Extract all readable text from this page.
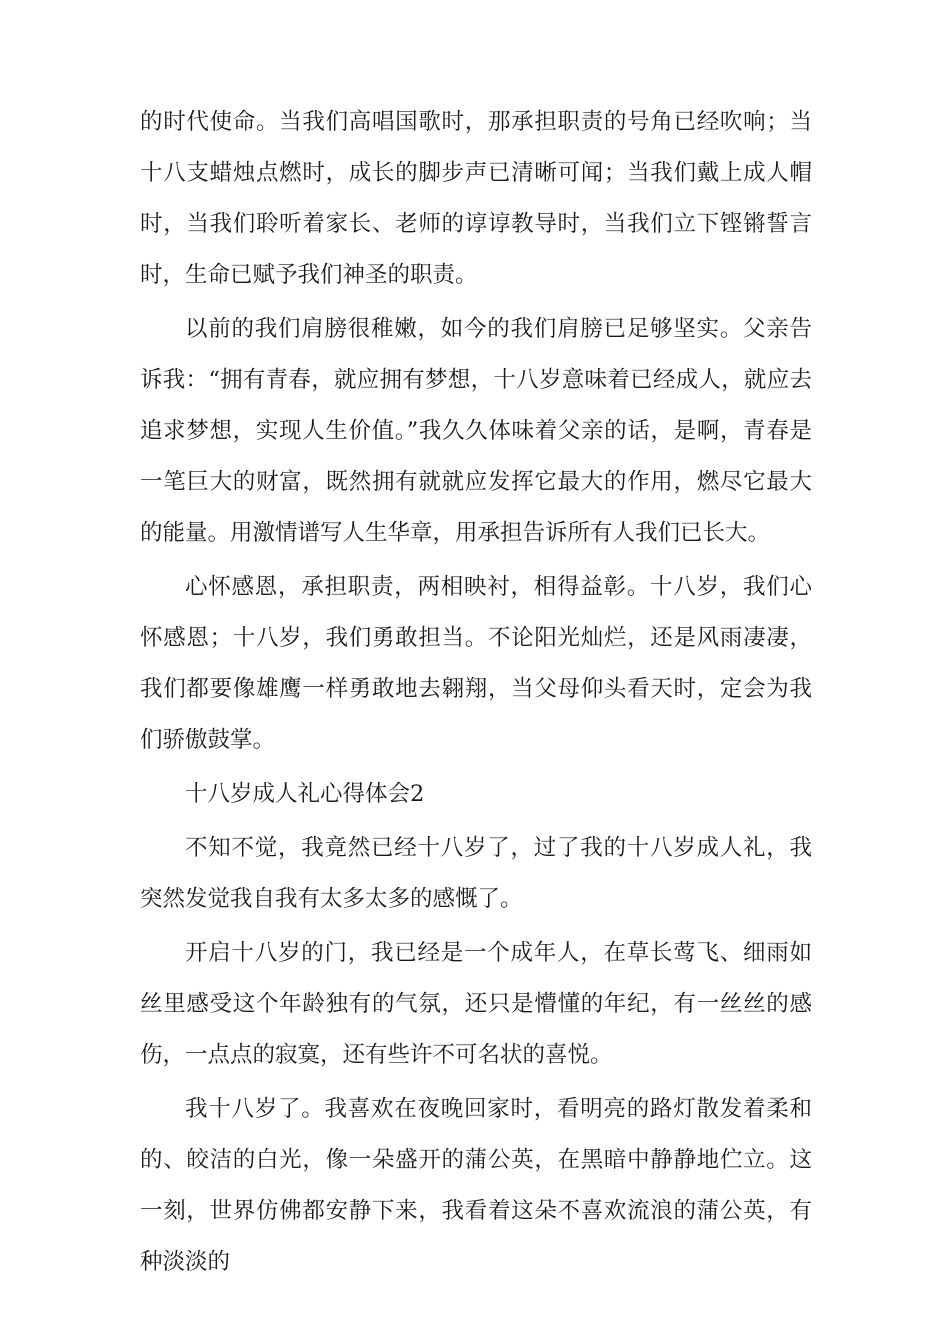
的时代使命。当我们高唱国歌时，那承担职责的号角已经吹响；当十八支蜡烛点燃时，成长的脚步声已清晰可闻；当我们戴上成人帽时，当我们聆听着家长、老师的谆谆教导时，当我们立下铿锵誓言时，生命已赋予我们神圣的职责。

以前的我们肩膀很稚嫩，如今的我们肩膀已足够坚实。父亲告诉我：“拥有青春，就应拥有梦想，十八岁意味着已经成人，就应去追求梦想，实现人生价值。”我久久体味着父亲的话，是啊，青春是一笔巨大的财富，既然拥有就就应发挥它最大的作用，燃尽它最大的能量。用激情谱写人生华章，用承担告诉所有人我们已长大。

心怀感恩，承担职责，两相映衬，相得益彰。十八岁，我们心怀感恩；十八岁，我们勇敢担当。不论阳光灿烂，还是风雨凄凄，我们都要像雄鹰一样勇敢地去翱翔，当父母仰头看天时，定会为我们骄傲鼓掌。

十八岁成人礼心得体会2

不知不觉，我竟然已经十八岁了，过了我的十八岁成人礼，我突然发觉我自我有太多太多的感慨了。

开启十八岁的门，我已经是一个成年人，在草长莺飞、细雨如丝里感受这个年龄独有的气氛，还只是懵懂的年纪，有一丝丝的感伤，一点点的寂寞，还有些许不可名状的喜悦。

我十八岁了。我喜欢在夜晚回家时，看明亮的路灯散发着柔和的、皎洁的白光，像一朵盛开的蒲公英，在黑暗中静静地伫立。这一刻，世界仿佛都安静下来，我看着这朵不喜欢流浪的蒲公英，有种淡淡的
